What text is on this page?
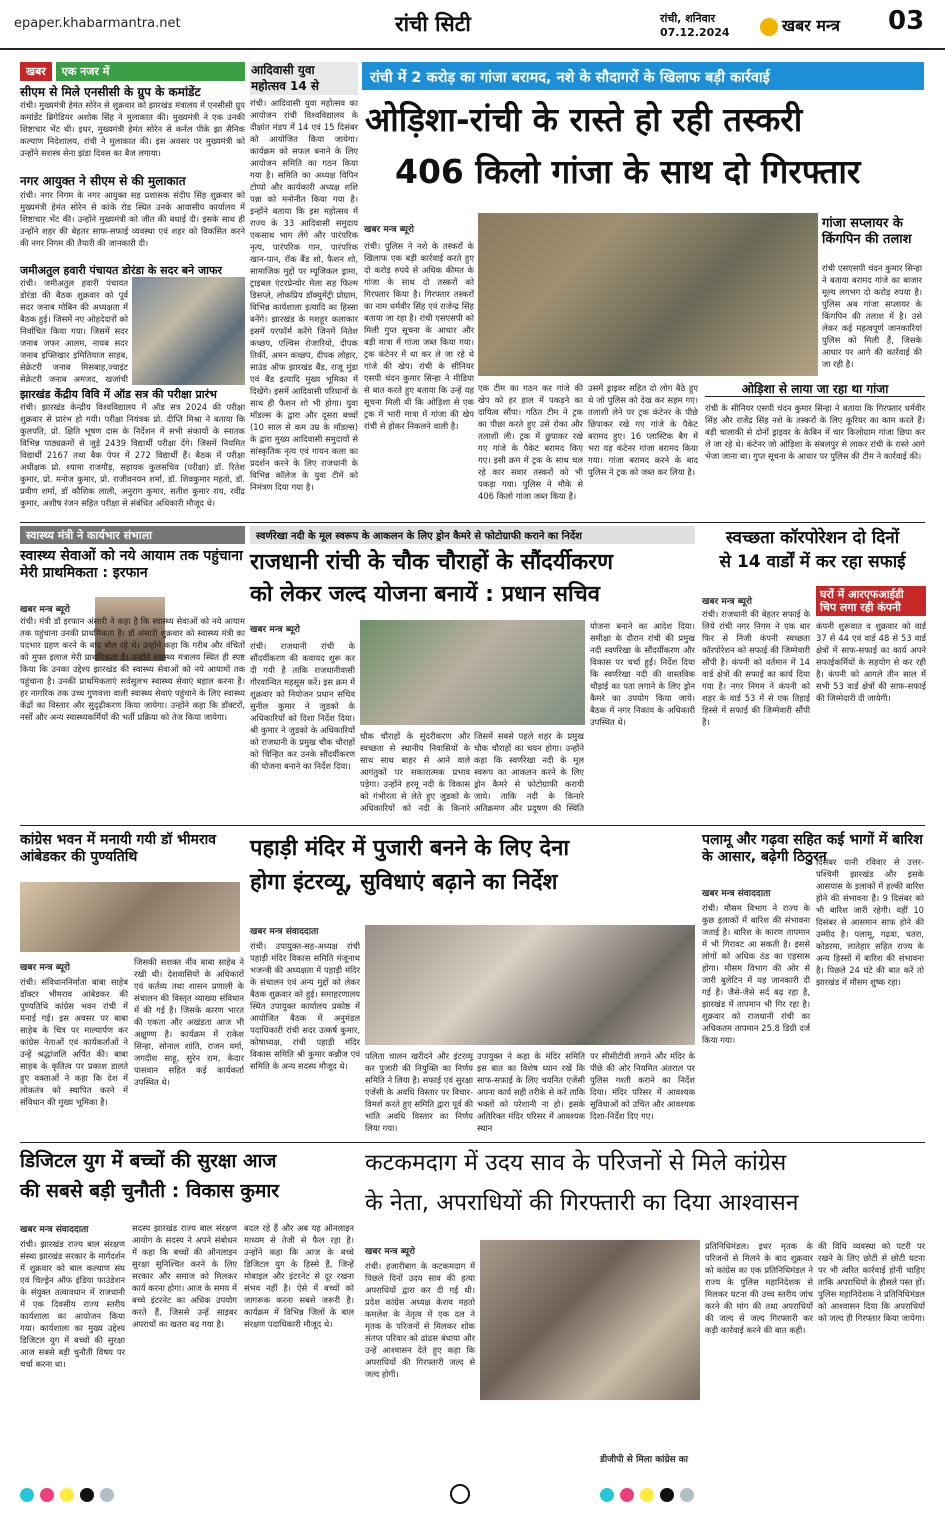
epaper.khabarmantra.net	रांची सिटी	रांची, शनिवार
07.12.2024	खबर मन्त्र 03
खबर	एक नजर में
सीएम से मिले एनसीसी के ग्रुप के कमांडेंट
रांची। मुख्यमंत्री हेमंत सोरेन से शुक्रवार को झारखंड मंत्रालय में एनसीसी ग्रुप कमांडेंट ब्रिगेडियर अशोक सिंह ने मुलाकात की। मुख्यमंत्री ने एक उनकी शिष्टाचार भेंट थी। इधर, मुख्यमंत्री हेमंत सोरेन से कर्नल पीके झा सैनिक कल्याण निदेशालय, रांची ने मुलाकात की। इस अवसर पर मुख्यमंत्री को उन्होंने सशस्त्र सेना झंडा दिवस का बैज लगाया।
नगर आयुक्त ने सीएम से की मुलाकात
रांची। नगर निगम के नगर आयुक्त सह प्रशासक संदीप सिंह शुक्रवार को मुख्यमंत्री हेमंत सोरेन से कांके रोड स्थित उनके आवासीय कार्यालय में शिष्टाचार भेंट की। उन्होंने मुख्यमंत्री को जीत की बधाई दी। इसके साथ ही उन्होंने शहर की बेहतर साफ-सफाई व्यवस्था एवं शहर को विकसित करने की नगर निगम की तैयारी की जानकारी दी।
जमीअतुल हवारी पंचायत डोरंडा के सदर बने जाफर
रांची। जमीअतुल हवारी पंचायत डोरंडा की बैठक शुक्रवार को पूर्व सदर जनाब मोबिन की अध्यक्षता में बैठक हुई। जिसमें नए ओहदेदारों को निर्वाचित किया गया। जिसमें सदर जनाब जफर आलम, नायब सदर जनाब इफ्तिखार इमितियाज साहब, सेक्रेटरी जनाब मिसबाह,ज्वाइंट सेक्रेटरी जनाब अमजद, खजांची
झारखंड केंद्रीय विवि में ऑड सत्र की परीक्षा प्रारंभ
रांची। झारखंड केन्द्रीय विश्वविद्यालय में ऑड सत्र 2024 की परीक्षा शुक्रवार से प्रारंभ हो गयी। परीक्षा नियंत्रक प्रो. दीप्ति मिश्रा ने बताया कि कुलपति, प्रो. क्षिति भूषण दास के निर्देशन में सभी संकायों के स्नातक विभिन्न पाठ्यक्रमों से जुड़े 2439 विद्यार्थी परीक्षा देंगे। जिसमें नियमित विद्यार्थी 2167 तथा बैक पेपर में 272 विद्यार्थी हैं। बैठक में परीक्षा अधीक्षक प्रो. श्यामा राजगौड़, सहायक कुलसचिव (परीक्षा) डॉ. रितेश कुमार, प्रो. मनोज कुमार, प्रो. राजीवनयन शर्मा, डॉ. शिवकुमार महतो, डॉ. प्रवीण शर्मा, डॉ कौशिक लाली, अनुराग कुमार, सतीश कुमार राय, रवींद्र कुमार, अशीष रंजन सहित परीक्षा से संबंधित अधिकारी मौजूद थे।
आदिवासी युवा
महोत्सव 14 से
रांची। आदिवासी युवा महोत्सव का आयोजन रांची विश्वविद्यालय के दीक्षांत मंडप में 14 एवं 15 दिसंबर को आयोजित किया जायेगा। कार्यक्रम को सफल बनाने के लिए आयोजन समिति का गठन किया गया है। समिति का अध्यक्ष विपिन टोप्पो और कार्यकारी अध्यक्ष शशि पन्ना को मनोनीत किया गया है। इन्होंने बताया कि इस महोत्सव में राज्य के 33 आदिवासी समुदाय एकसाथ भाग लेंगे और पारंपरिक नृत्य, पारंपरिक गान, पारंपरिक खान-पान, रॉक बैंड शो, फैशन शो, सामाजिक मुद्दों पर म्यूजिकल ड्रामा, ट्राइबल एंटरप्रेन्योर मेला सह फिल्म डिसप्ले, लोकप्रिय डॉक्युमेंट्री प्रोग्राम, विभिन्न कार्यशाला इत्यादि का हिस्सा बनेंगे। झारखंड के मशहूर कलाकार इसमें परफॉर्म करेंगे जिनमें नितेश कच्छप, एल्विस रोजारियो, दीपक तिर्की, अमन कच्छप, दीपक लोहार, साउंड ऑफ झारखंड बैंड, राजू मुंडा एवं बैंड इत्यादि मुख्य भूमिका में दिखेंगे। इसमें आदिवासी परिधानों के साथ ही फैशन शो भी होगा। युवा मॉडल्स के द्वारा और दूसरा बच्चों (10 साल से कम उम्र के मॉडल्स) के द्वारा मुख्य आदिवासी समुदायों से सांस्कृतिक नृत्य एवं गायन कला का प्रदर्शन करने के लिए राजधानी के विभिन्न कॉलेज के युवा टीमें को निमंत्रण दिया गया है।
रांची में 2 करोड़ का गांजा बरामद, नशे के सौदागरों के खिलाफ बड़ी कार्रवाई
ओड़िशा-रांची के रास्ते हो रही तस्करी
406 किलो गांजा के साथ दो गिरफ्तार
खबर मन्त्र ब्यूरो
रांची। पुलिस ने नशे के तस्करों के खिलाफ एक बड़ी कार्रवाई करते हुए दो करोड़ रुपये से अधिक कीमत के गांजा के साथ दो तस्करों को गिरफ्तार किया है। गिरफ्तार तस्करों का नाम धर्मवीर सिंह एवं राजेन्द्र सिंह बताया जा रहा है। रांची एसएसपी को मिली गुप्त सूचना के आधार और बड़ी मात्रा में गांजा जब्त किया गया। ट्रक कंटेनर में था कर ले जा रहे थे गांजे की खेप। रांची के सीनियर एसपी चंदन कुमार सिन्हा ने मीडिया से बात करते हुए बताया कि उन्हें यह सूचना मिली थी कि ओड़िशा से एक ट्रक में भारी मात्रा में गांजा की खेप रांची से होकर निकलने वाली है।
गांजा सप्लायर के किंगपिन की तलाश
रांची एसएसपी चंदन कुमार सिन्हा ने बताया बरामद गांजे का बाजार मूल्य लगभग दो करोड़ रुपया है। पुलिस अब गांजा सप्लायर के किंगपिन की तलाश में है। उसे लेकर कई महत्वपूर्ण जानकारियां पुलिस को मिली हैं, जिसके आधार पर आगे की कार्रवाई की जा रही है।
एक टीम का गठन कर गांजे की खेप को हर हाल में पकड़ने का दायित्व सौंपा। गठित टीम ने ट्रक का पीछा करते हुए उसे रोका और तलाशी ली। ट्रक में छुपाकर रखे गए गांजे के पैकेट बरामद किए गए। इसी क्रम में ट्रक के साथ चल रहे कार सवार तस्करों को भी पकड़ा गया। पुलिस ने मौके से 406 किलो गांजा जब्त किया है।
उसमें ड्राइवर सहित दो लोग बैठे हुए थे जो पुलिस को देख कर सहम गए। तलाशी लेने पर ट्रक कंटेनर के पीछे छिपाकर रखे गए गांजे के पैकेट बरामद हुए। 16 प्लास्टिक बैग में भरा यह कंटेनर गांजा बरामद किया गया। गांजा बरामद करने के बाद पुलिस ने ट्रक को जब्त कर लिया है।
ओड़िशा से लाया जा रहा था गांजा
रांची के सीनियर एसपी चंदन कुमार सिन्हा ने बताया कि गिरफ्तार धर्मवीर सिंह और राजेंद्र सिंह नशे के तस्करों के लिए कूरियर का काम करते हैं। बड़ी चालाकी से दोनों ड्राइवर के केबिन में चार किलोग्राम गांजा छिपा कर ले जा रहे थे। कंटेनर जो ओड़िशा के संबलपुर से लाकर रांची के रास्ते आगे भेजा जाना था। गुप्त सूचना के आधार पर पुलिस की टीम ने कार्रवाई की।
स्वास्थ्य मंत्री ने कार्यभार संभाला
स्वास्थ्य सेवाओं को नये आयाम तक पहुंचाना मेरी प्राथमिकता : इरफान
खबर मन्त्र ब्यूरो
रांची। मंत्री डॉ इरफान अंसारी ने कहा है कि स्वास्थ्य सेवाओं को नये आयाम तक पहुंचाना उनकी प्राथमिकता है। डॉ अंसारी शुक्रवार को स्वास्थ्य मंत्री का पदभार ग्रहण करने के बाद बोल रहे थे। उन्होंने कहा कि गरीब और वंचितों को मुफ्त इलाज मेरी प्राथमिकता है। उन्होंने स्वास्थ्य मंत्रालय स्थित ही स्पष्ट किया कि उनका उद्देश्य झारखंड की स्वास्थ्य सेवाओं को नये आयामों तक पहुंचाना है। उनकी प्राथमिकताएं सर्वसुलभ स्वास्थ्य सेवाएं बहाल करना है। हर नागरिक तक उच्च गुणवत्ता वाली स्वास्थ्य सेवाएं पहुंचाने के लिए स्वास्थ्य केंद्रों का विस्तार और सुदृढ़ीकरण किया जायेगा। उन्होंने कहा कि डॉक्टरों, नर्सों और अन्य स्वास्थ्यकर्मियों की भर्ती प्रक्रिया को तेज किया जायेगा।
स्वर्णरेखा नदी के मूल स्वरूप के आकलन के लिए ड्रोन कैमरे से फोटोग्राफी कराने का निर्देश
राजधानी रांची के चौक चौराहों के सौंदर्यीकरण
को लेकर जल्द योजना बनायें : प्रधान सचिव
खबर मन्त्र ब्यूरो
रांची। राजधानी रांची के सौंदर्यीकरण की कवायद शुरू कर दी गयी है ताकि राजधानीवासी गौरवान्वित महसूस करें। इस क्रम में शुक्रवार को नियोजन प्रधान सचिव सुनील कुमार ने जुडको के अधिकारियों को दिशा निर्देश दिया। श्री कुमार ने जुडको के अधिकारियों को राजधानी के प्रमुख चौक चौराहों को चिन्हित कर उनके सौंदर्यीकरण की योजना बनाने का निर्देश दिया।
चौक चौराहों के सुंदरीकरण और स्वच्छता से स्थानीय निवासियों के साथ साथ बाहर से आने वाले आगंतुकों पर सकारात्मक प्रभाव पड़ेगा। उन्होंने हरमू नदी के विकास को गंभीरता से लेते हुए जुडको के अधिकारियों को नदी के किनारे
जिसमें सबसे पहले शहर के प्रमुख चौक चौराहों का चयन होगा। उन्होंने कहा कि स्वर्णरेखा नदी के मूल स्वरूप का आकलन करने के लिए ड्रोन कैमरे से फोटोग्राफी करायी जाये। ताकि नदी के किनारे अतिक्रमण और प्रदूषण की स्थिति
योजना बनाने का आदेश दिया। समीक्षा के दौरान रांची की प्रमुख नदी स्वर्णरेखा के सौंदर्यीकरण और विकास पर चर्चा हुई। निर्देश दिया कि स्वर्णरेखा नदी की वास्तविक चौड़ाई का पता लगाने के लिए ड्रोन कैमरे का उपयोग किया जाये। बैठक में नगर निकाय के अधिकारी उपस्थित थे।
स्वच्छता कॉरपोरेशन दो दिनों
से 14 वार्डों में कर रहा सफाई
खबर मन्त्र ब्यूरो
रांची। राजधानी की बेहतर सफाई के लिये रांची नगर निगम ने एक बार फिर से निजी कंपनी स्वच्छता कॉरपोरेशन को सफाई की जिम्मेवारी सौंपी है। कंपनी को वर्तमान में 14 वार्ड क्षेत्रों की सफाई का कार्य दिया गया है। नगर निगम ने कंपनी को शहर के वार्ड 53 में से एक तिहाई हिस्से में सफाई की जिम्मेवारी सौंपी है।
घरों में आरएफआईडी चिप लगा रही कंपनी
कंपनी शुरूवात व शुक्रवार को वार्ड 37 से 44 एवं वार्ड 48 से 53 वार्ड क्षेत्रों में साफ-सफाई का कार्य अपने सफाईकर्मियों के सहयोग से कर रही है। कंपनी को आगले तीन साल में सभी 53 वार्ड क्षेत्रों की साफ-सफाई की जिम्मेदारी दी जायेगी।
कांग्रेस भवन में मनायी गयी डॉ भीमराव आंबेडकर की पुण्यतिथि
खबर मन्त्र ब्यूरो
रांची। संविधाननिर्माता बाबा साहेब डॉक्टर भीमराव आंबेडकर की पुण्यतिथि कांग्रेस भवन रांची में मनाई गई। इस अवसर पर बाबा साहेब के चित्र पर माल्यार्पण कर कांग्रेस नेताओं एवं कार्यकर्ताओं ने उन्हें श्रद्धांजलि अर्पित की। बाबा साहब के कृतित्व पर प्रकाश डालते हुए वक्ताओं ने कहा कि देश में लोकतंत्र को स्थापित करने में संविधान की मुख्य भूमिका है।
जिसकी सशक्त नींव बाबा साहेब ने रखी थी। देशवासियों के अधिकारों एवं कर्तव्य तथा शासन प्रणाली के संचालन की विस्तृत व्याख्या संविधान में की गई है। जिसके कारण भारत की एकता और अखंडता आज भी अक्षुण्ण है। कार्यक्रम में राकेश सिन्हा, सोनाल शांति, राजन वर्मा, जगदीश साहू, सुरेन राम, केदार पासवान सहित कई कार्यकर्ता उपस्थित थे।
पहाड़ी मंदिर में पुजारी बनने के लिए देना
होगा इंटरव्यू, सुविधाएं बढ़ाने का निर्देश
खबर मन्त्र संवाददाता
रांची। उपायुक्त-सह-अध्यक्ष रांची पहाड़ी मंदिर विकास समिति मंजूनाथ भजन्त्री की अध्यक्षता में पहाड़ी मंदिर के संचालन एवं अन्य मुद्दों को लेकर बैठक शुक्रवार को हुई। समाहरणालय स्थित उपायुक्त कार्यालय प्रकोष्ठ में आयोजित बैठक में अनुमंडल पदाधिकारी रांची सदर उत्कर्ष कुमार, कोषाध्यक्ष, रांची पहाड़ी मंदिर विकास समिति श्री कुमार कन्नौज एवं समिति के अन्य सदस्य मौजूद थे।
पलिता चालन खरीदने और इंटरव्यू कर पुजारी की नियुक्ति का निर्णय समिति ने लिया है। सफाई एवं सुरक्षा एजेंसी के अवधि विस्तार पर विचार-विमर्श करते हुए समिति द्वारा पूर्व की भांति अवधि विस्तार का निर्णय लिया गया।
उपायुक्त ने कहा के मंदिर समिति इस बात का विशेष ध्यान रखें कि साफ-सफाई के लिए चयनित एजेंसी अपना कार्य सही तरीके से करें ताकि भक्तों को परेशानी ना हो। इसके अतिरिक्त मंदिर परिसर में आवश्यक स्थान
पर सीसीटीवी लगाने और मंदिर के पीछे की ओर नियमित अंतराल पर पुलिस गश्ती कराने का निर्देश दिया। मंदिर परिसर में आवश्यक सुविधाओं को उचित और आवश्यक दिशा-निर्देश दिए गए।
पलामू और गढ़वा सहित कई भागों में बारिश के आसार, बढ़ेगी ठिठुरन
खबर मन्त्र संवाददाता
रांची। मौसम विभाग ने राज्य के कुछ इलाकों में बारिश की संभावना जताई है। बारिश के कारण तापमान में भी गिरावट आ सकती है। इससे लोगों को अधिक ठंड का एहसास होगा। मौसम विभाग की ओर से जारी बुलेटिन में यह जानकारी दी गई है। जैसे-जैसे सर्द बढ़ रहा है, झारखंड में तापमान भी गिर रहा है। शुक्रवार को राजधानी रांची का अधिकतम तापमान 25.8 डिग्री दर्ज किया गया।
दिसंबर यानी रविवार से उत्तर-पश्चिमी झारखंड और इसके आसपास के इलाकों में हल्की बारिश होने की संभावना है। 9 दिसंबर को भी बारिश जारी रहेगी। वहीं 10 दिसंबर से आसमान साफ होने की उम्मीद है। पलामू, गढ़वा, चतरा, कोडरमा, लातेहार सहित राज्य के अन्य हिस्सों में बारिश की संभावना है। पिछले 24 घंटे की बात करें तो झारखंड में मौसम शुष्क रहा।
डिजिटल युग में बच्चों की सुरक्षा आज
की सबसे बड़ी चुनौती : विकास कुमार
खबर मन्त्र संवाददाता
रांची। झारखंड राज्य बाल संरक्षण संस्था झारखंड सरकार के मार्गदर्शन में शुक्रवार को बाल कल्याण संघ एवं चिल्ड्रेन ऑफ इंडिया फाउंडेशन के संयुक्त तत्वावधान में राजधानी में एक दिवसीय राज्य स्तरीय कार्यशाला का आयोजन किया गया। कार्यशाला का मुख्य उद्देश्य डिजिटल युग में बच्चों की सुरक्षा आज सबसे बड़ी चुनौती विषय पर चर्चा करना था।
सदस्य झारखंड राज्य बाल संरक्षण आयोग के सदस्य ने अपने संबोधन में कहा कि बच्चों की ऑनलाइन सुरक्षा सुनिश्चित करने के लिए सरकार और समाज को मिलकर कार्य करना होगा। आज के समय में बच्चे इंटरनेट का अधिक उपयोग करते हैं, जिससे उन्हें साइबर अपराधों का खतरा बढ़ गया है।
बदल रहे हैं और अब यह ऑनलाइन माध्यम से तेजी से फैल रहा है। उन्होंने कहा कि आज के बच्चे डिजिटल युग के हिस्से हैं, जिन्हें मोबाइल और इंटरनेट से दूर रखना संभव नहीं है। ऐसे में बच्चों को जागरूक करना सबसे जरूरी है। कार्यक्रम में विभिन्न जिलों के बाल संरक्षण पदाधिकारी मौजूद थे।
कटकमदाग में उदय साव के परिजनों से मिले कांग्रेस
के नेता, अपराधियों की गिरफ्तारी का दिया आश्वासन
खबर मन्त्र ब्यूरो
रांची। हजारीबाग के कटकमदाग में पिछले दिनों उदय साव की हत्या अपराधियों द्वारा कर दी गई थी। प्रदेश कांग्रेस अध्यक्ष केशव महतो कमलेश के नेतृत्व में एक दल ने मृतक के परिजनों से मिलकर शोक संतप्त परिवार को ढांढस बंधाया और उन्हें आश्वासन देते हुए कहा कि अपराधियों की गिरफ्तारी जल्द से जल्द होगी।
डीजीपी से मिला कांग्रेस का
प्रतिनिधिमंडल। इधर मृतक के परिजनों से मिलने के बाद शुक्रवार को कांग्रेस का एक प्रतिनिधिमंडल ने राज्य के पुलिस महानिदेशक से मिलकर घटना की उच्च स्तरीय जांच करने की मांग की तथा अपराधियों की जल्द से जल्द गिरफ्तारी कर कड़ी कार्रवाई करने की बात कही।
की विधि व्यवस्था को पटरी पर रखने के लिए छोटी से छोटी घटना पर भी त्वरित कार्रवाई होनी चाहिए ताकि अपराधियों के हौसले पस्त हों। पुलिस महानिदेशक ने प्रतिनिधिमंडल को आश्वासन दिया कि अपराधियों को जल्द ही गिरफ्तार किया जायेगा।
